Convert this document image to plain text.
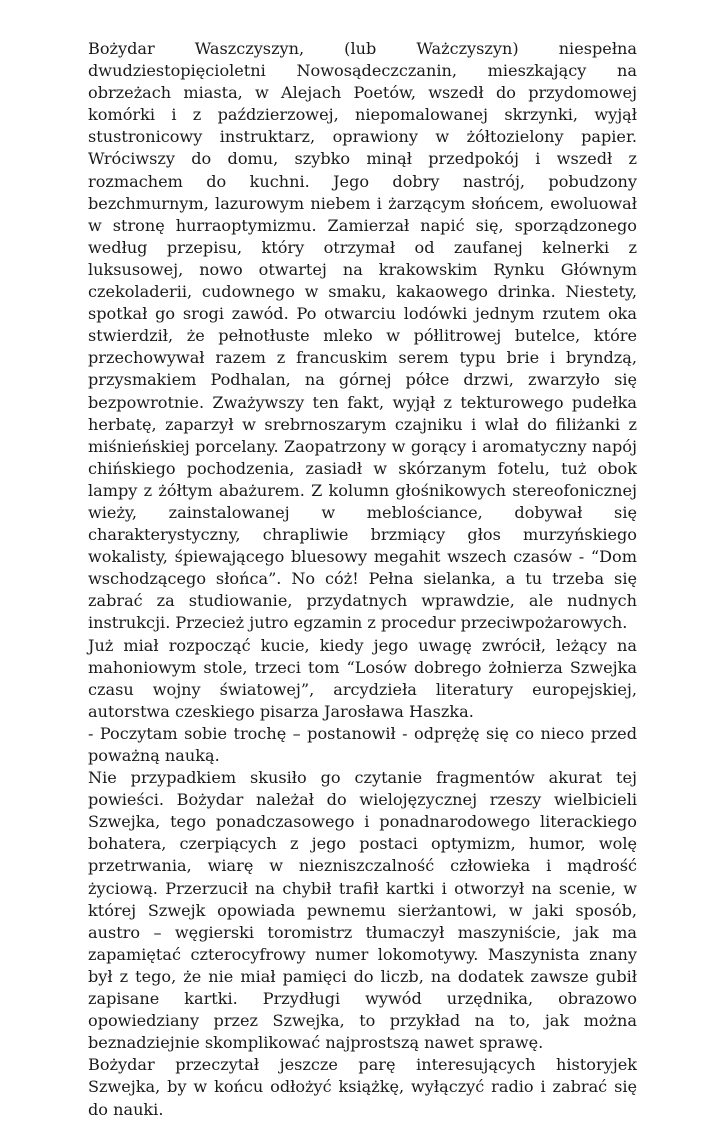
Bożydar Waszczyszyn, (lub Ważczyszyn) niespełna dwudziestopięcioletni Nowosądeczczanin, mieszkający na obrzeżach miasta, w Alejach Poetów, wszedł do przydomowej komórki i z paździerzowej, niepomalowanej skrzynki, wyjął stustronicowy instruktarz, oprawiony w żółtozielony papier. Wróciwszy do domu, szybko minął przedpokój i wszedł z rozmachem do kuchni. Jego dobry nastrój, pobudzony bezchmurnym, lazurowym niebem i żarzącym słońcem, ewoluował w stronę hurraoptymizmu. Zamierzał napić się, sporządzonego według przepisu, który otrzymał od zaufanej kelnerki z luksusowej, nowo otwartej na krakowskim Rynku Głównym czekoladerii, cudownego w smaku, kakaowego drinka. Niestety, spotkał go srogi zawód. Po otwarciu lodówki jednym rzutem oka stwierdził, że pełnotłuste mleko w półlitrowej butelce, które przechowywał razem z francuskim serem typu brie i bryndzą, przysmakiem Podhalan, na górnej półce drzwi, zwarzyło się bezpowrotnie. Zważywszy ten fakt, wyjął z tekturowego pudełka herbatę, zaparzył w srebrnoszarym czajniku i wlał do filiżanki z miśnieńskiej porcelany. Zaopatrzony w gorący i aromatyczny napój chińskiego pochodzenia, zasiadł w skórzanym fotelu, tuż obok lampy z żółtym abażurem. Z kolumn głośnikowych stereofonicznej wieży, zainstalowanej w meblościance, dobywał się charakterystyczny, chrapliwie brzmiący głos murzyńskiego wokalisty, śpiewającego bluesowy megahit wszech czasów - “Dom wschodzącego słońca”. No cóż! Pełna sielanka, a tu trzeba się zabrać za studiowanie, przydatnych wprawdzie, ale nudnych instrukcji. Przecież jutro egzamin z procedur przeciwpożarowych.

Już miał rozpocząć kucie, kiedy jego uwagę zwrócił, leżący na mahoniowym stole, trzeci tom “Losów dobrego żołnierza Szwejka czasu wojny światowej”, arcydzieła literatury europejskiej, autorstwa czeskiego pisarza Jarosława Haszka.

- Poczytam sobie trochę – postanowił - odprężę się co nieco przed poważną nauką.

Nie przypadkiem skusiło go czytanie fragmentów akurat tej powieści. Bożydar należał do wielojęzycznej rzeszy wielbicieli Szwejka, tego ponadczasowego i ponadnarodowego literackiego bohatera, czerpiących z jego postaci optymizm, humor, wolę przetrwania, wiarę w niezniszczalność człowieka i mądrość życiową. Przerzucił na chybił trafił kartki i otworzył na scenie, w której Szwejk opowiada pewnemu sierżantowi, w jaki sposób, austro – węgierski toromistrz tłumaczył maszyniście, jak ma zapamiętać czterocyfrowy numer lokomotywy. Maszynista znany był z tego, że nie miał pamięci do liczb, na dodatek zawsze gubił zapisane kartki. Przydługi wywód urzędnika, obrazowo opowiedziany przez Szwejka, to przykład na to, jak można beznadziejnie skomplikować najprostszą nawet sprawę.

Bożydar przeczytał jeszcze parę interesujących historyjek Szwejka, by w końcu odłożyć książkę, wyłączyć radio i zabrać się do nauki.
